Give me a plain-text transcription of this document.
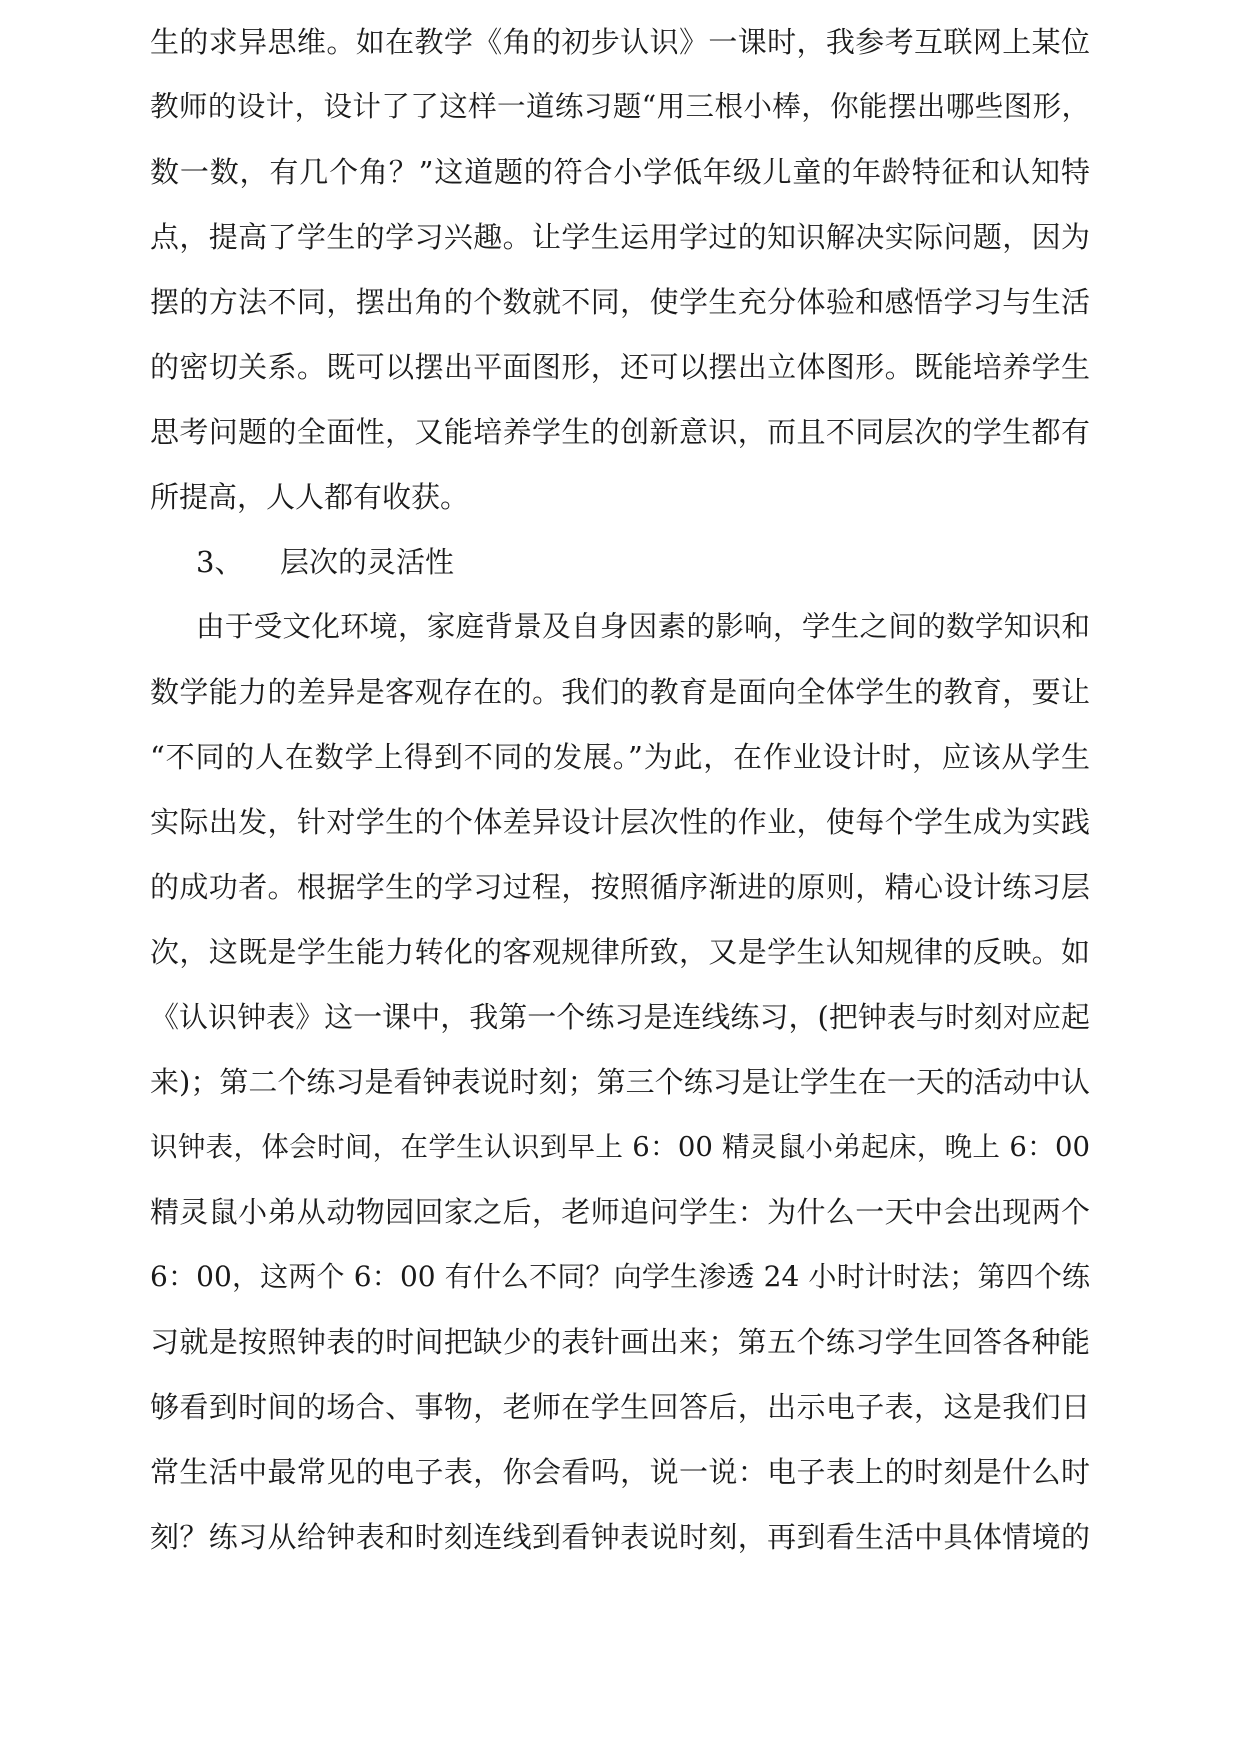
生的求异思维。如在教学《角的初步认识》一课时，我参考互联网上某位
教师的设计，设计了了这样一道练习题“用三根小棒，你能摆出哪些图形，
数一数，有几个角？”这道题的符合小学低年级儿童的年龄特征和认知特
点，提高了学生的学习兴趣。让学生运用学过的知识解决实际问题，因为
摆的方法不同，摆出角的个数就不同，使学生充分体验和感悟学习与生活
的密切关系。既可以摆出平面图形，还可以摆出立体图形。既能培养学生
思考问题的全面性，又能培养学生的创新意识，而且不同层次的学生都有
所提高，人人都有收获。
3、 层次的灵活性
由于受文化环境，家庭背景及自身因素的影响，学生之间的数学知识和
数学能力的差异是客观存在的。我们的教育是面向全体学生的教育，要让
“不同的人在数学上得到不同的发展。”为此，在作业设计时，应该从学生
实际出发，针对学生的个体差异设计层次性的作业，使每个学生成为实践
的成功者。根据学生的学习过程，按照循序渐进的原则，精心设计练习层
次，这既是学生能力转化的客观规律所致，又是学生认知规律的反映。如
《认识钟表》这一课中，我第一个练习是连线练习，(把钟表与时刻对应起
来)；第二个练习是看钟表说时刻；第三个练习是让学生在一天的活动中认
识钟表，体会时间，在学生认识到早上 6：00 精灵鼠小弟起床，晚上 6：00
精灵鼠小弟从动物园回家之后，老师追问学生：为什么一天中会出现两个
6：00，这两个 6：00 有什么不同？向学生渗透 24 小时计时法；第四个练
习就是按照钟表的时间把缺少的表针画出来；第五个练习学生回答各种能
够看到时间的场合、事物，老师在学生回答后，出示电子表，这是我们日
常生活中最常见的电子表，你会看吗，说一说：电子表上的时刻是什么时
刻？练习从给钟表和时刻连线到看钟表说时刻，再到看生活中具体情境的
